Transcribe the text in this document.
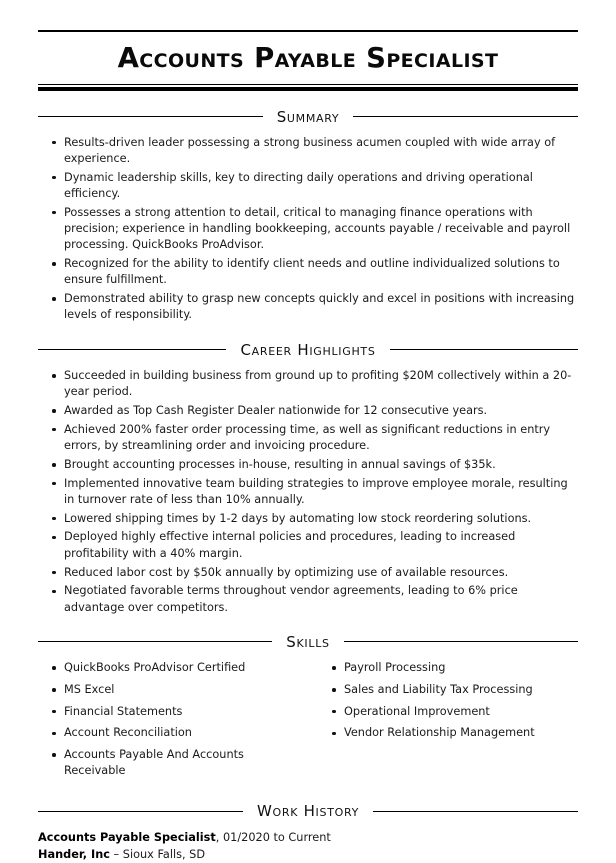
Accounts Payable Specialist
Summary
Results-driven leader possessing a strong business acumen coupled with wide array of experience.
Dynamic leadership skills, key to directing daily operations and driving operational efficiency.
Possesses a strong attention to detail, critical to managing finance operations with precision; experience in handling bookkeeping, accounts payable / receivable and payroll processing. QuickBooks ProAdvisor.
Recognized for the ability to identify client needs and outline individualized solutions to ensure fulfillment.
Demonstrated ability to grasp new concepts quickly and excel in positions with increasing levels of responsibility.
Career Highlights
Succeeded in building business from ground up to profiting $20M collectively within a 20-year period.
Awarded as Top Cash Register Dealer nationwide for 12 consecutive years.
Achieved 200% faster order processing time, as well as significant reductions in entry errors, by streamlining order and invoicing procedure.
Brought accounting processes in-house, resulting in annual savings of $35k.
Implemented innovative team building strategies to improve employee morale, resulting in turnover rate of less than 10% annually.
Lowered shipping times by 1-2 days by automating low stock reordering solutions.
Deployed highly effective internal policies and procedures, leading to increased profitability with a 40% margin.
Reduced labor cost by $50k annually by optimizing use of available resources.
Negotiated favorable terms throughout vendor agreements, leading to 6% price advantage over competitors.
Skills
QuickBooks ProAdvisor Certified
MS Excel
Financial Statements
Account Reconciliation
Accounts Payable And Accounts Receivable
Payroll Processing
Sales and Liability Tax Processing
Operational Improvement
Vendor Relationship Management
Work History
Accounts Payable Specialist, 01/2020 to Current
Hander, Inc – Sioux Falls, SD
